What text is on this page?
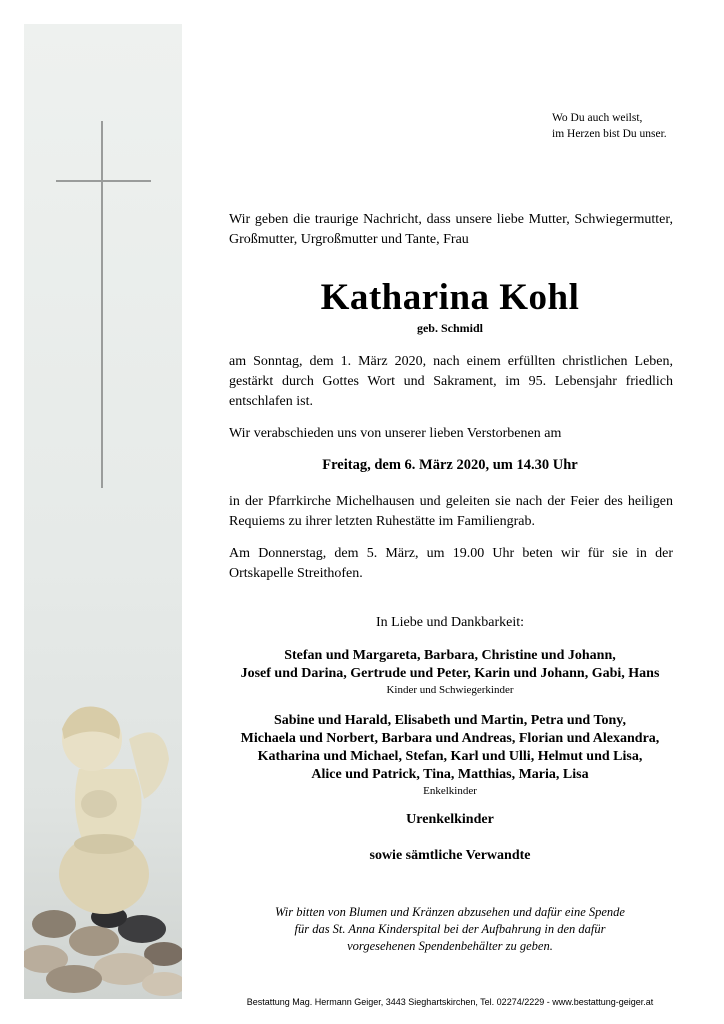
Wo Du auch weilst,
im Herzen bist Du unser.

Wir geben die traurige Nachricht, dass unsere liebe Mutter, Schwiegermutter, Großmutter, Urgroßmutter und Tante, Frau

Katharina Kohl
geb. Schmidl

am Sonntag, dem 1. März 2020, nach einem erfüllten christlichen Leben, gestärkt durch Gottes Wort und Sakrament, im 95. Lebensjahr friedlich entschlafen ist.

Wir verabschieden uns von unserer lieben Verstorbenen am

Freitag, dem 6. März 2020, um 14.30 Uhr

in der Pfarrkirche Michelhausen und geleiten sie nach der Feier des heiligen Requiems zu ihrer letzten Ruhestätte im Familiengrab.

Am Donnerstag, dem 5. März, um 19.00 Uhr beten wir für sie in der Ortskapelle Streithofen.

In Liebe und Dankbarkeit:
Stefan und Margareta, Barbara, Christine und Johann,
Josef und Darina, Gertrude und Peter, Karin und Johann, Gabi, Hans
Kinder und Schwiegerkinder
Sabine und Harald, Elisabeth und Martin, Petra und Tony,
Michaela und Norbert, Barbara und Andreas, Florian und Alexandra,
Katharina und Michael, Stefan, Karl und Ulli, Helmut und Lisa,
Alice und Patrick, Tina, Matthias, Maria, Lisa
Enkelkinder
Urenkelkinder
sowie sämtliche Verwandte
Wir bitten von Blumen und Kränzen abzusehen und dafür eine Spende
für das St. Anna Kinderspital bei der Aufbahrung in den dafür
vorgesehenen Spendenbehälter zu geben.
Bestattung Mag. Hermann Geiger, 3443 Sieghartskirchen, Tel. 02274/2229 - www.bestattung-geiger.at
